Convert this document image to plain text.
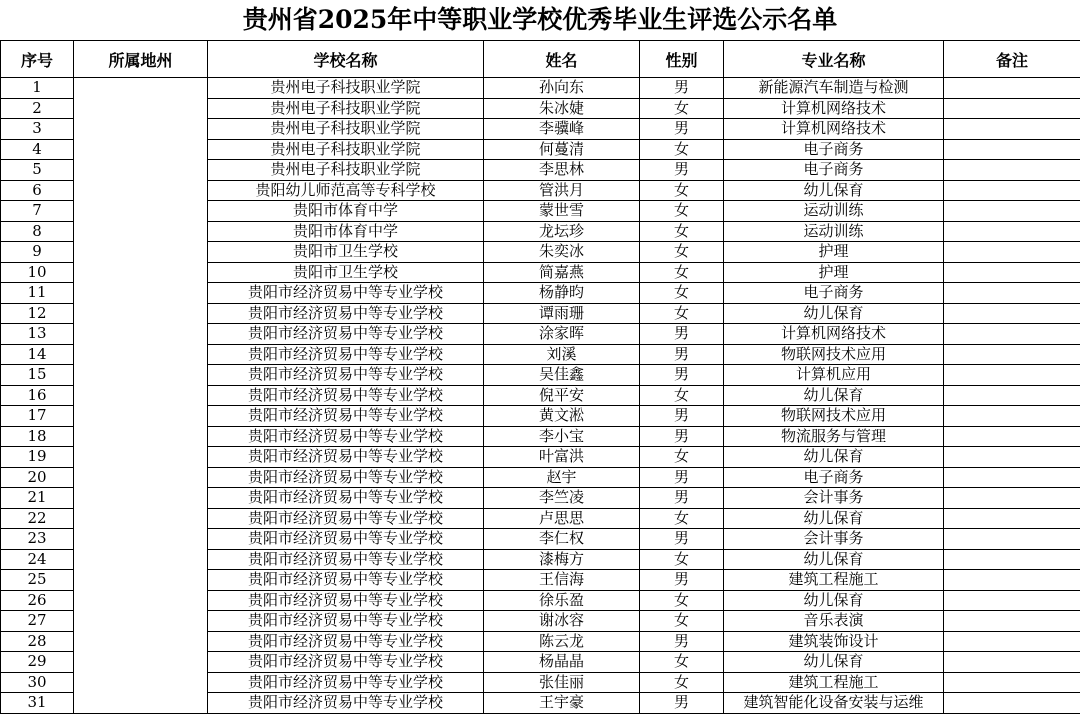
贵州省2025年中等职业学校优秀毕业生评选公示名单
序号	所属地州	学校名称	姓名	性别	专业名称	备注
1		贵州电子科技职业学院	孙向东	男	新能源汽车制造与检测	
2		贵州电子科技职业学院	朱冰婕	女	计算机网络技术	
3		贵州电子科技职业学院	李骥峰	男	计算机网络技术	
4		贵州电子科技职业学院	何蔓清	女	电子商务	
5		贵州电子科技职业学院	李思林	男	电子商务	
6		贵阳幼儿师范高等专科学校	管洪月	女	幼儿保育	
7		贵阳市体育中学	蒙世雪	女	运动训练	
8		贵阳市体育中学	龙坛珍	女	运动训练	
9		贵阳市卫生学校	朱奕冰	女	护理	
10		贵阳市卫生学校	简嘉燕	女	护理	
11		贵阳市经济贸易中等专业学校	杨静昀	女	电子商务	
12		贵阳市经济贸易中等专业学校	谭雨珊	女	幼儿保育	
13		贵阳市经济贸易中等专业学校	涂家晖	男	计算机网络技术	
14		贵阳市经济贸易中等专业学校	刘溪	男	物联网技术应用	
15		贵阳市经济贸易中等专业学校	吴佳鑫	男	计算机应用	
16		贵阳市经济贸易中等专业学校	倪平安	女	幼儿保育	
17		贵阳市经济贸易中等专业学校	黄文淞	男	物联网技术应用	
18		贵阳市经济贸易中等专业学校	李小宝	男	物流服务与管理	
19		贵阳市经济贸易中等专业学校	叶富洪	女	幼儿保育	
20		贵阳市经济贸易中等专业学校	赵宇	男	电子商务	
21		贵阳市经济贸易中等专业学校	李竺凌	男	会计事务	
22		贵阳市经济贸易中等专业学校	卢思思	女	幼儿保育	
23		贵阳市经济贸易中等专业学校	李仁权	男	会计事务	
24		贵阳市经济贸易中等专业学校	漆梅方	女	幼儿保育	
25		贵阳市经济贸易中等专业学校	王信海	男	建筑工程施工	
26		贵阳市经济贸易中等专业学校	徐乐盈	女	幼儿保育	
27		贵阳市经济贸易中等专业学校	谢冰容	女	音乐表演	
28		贵阳市经济贸易中等专业学校	陈云龙	男	建筑装饰设计	
29		贵阳市经济贸易中等专业学校	杨晶晶	女	幼儿保育	
30		贵阳市经济贸易中等专业学校	张佳丽	女	建筑工程施工	
31		贵阳市经济贸易中等专业学校	王宇豪	男	建筑智能化设备安装与运维	
